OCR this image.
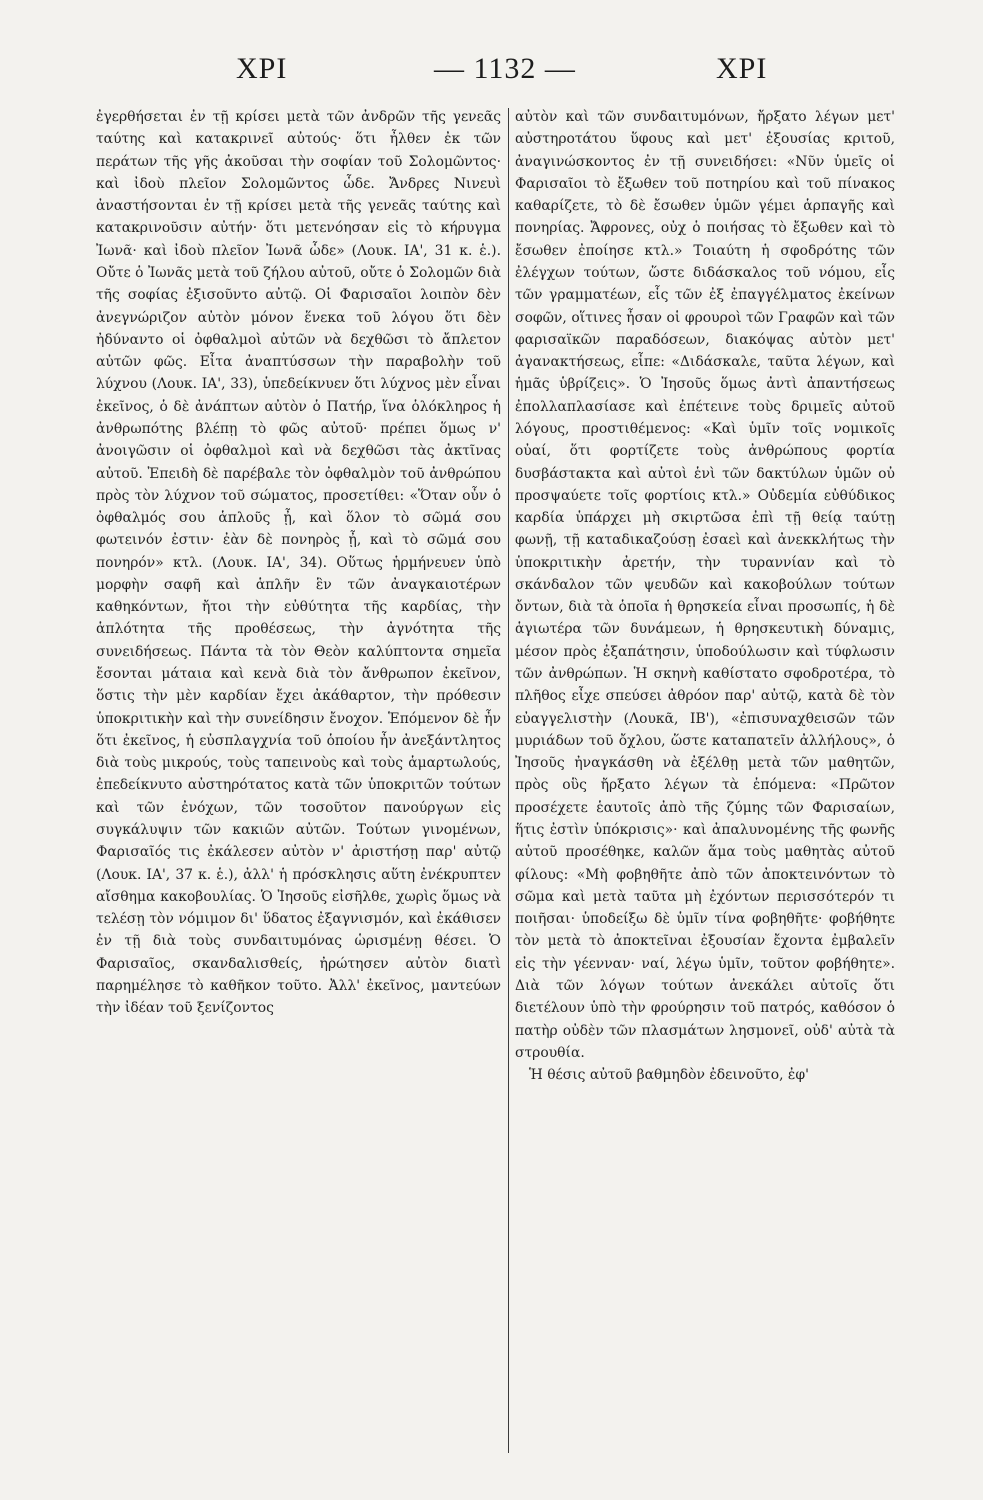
ΧΡΙ	— 1132 —	ΧΡΙ

ἐγερθήσεται ἐν τῇ κρίσει μετὰ τῶν ἀνδρῶν τῆς γενεᾶς ταύτης καὶ κατακρινεῖ αὐτούς· ὅτι ἦλθεν ἐκ τῶν περάτων τῆς γῆς ἀκοῦσαι τὴν σοφίαν τοῦ Σολομῶντος· καὶ ἰδοὺ πλεῖον Σολομῶντος ὧδε. Ἄνδρες Νινευὶ ἀναστήσονται ἐν τῇ κρίσει μετὰ τῆς γενεᾶς ταύτης καὶ κατακρινοῦσιν αὐτήν· ὅτι μετενόησαν εἰς τὸ κήρυγμα Ἰωνᾶ· καὶ ἰδοὺ πλεῖον Ἰωνᾶ ὧδε» (Λουκ. ΙΑ', 31 κ. ἑ.). Οὔτε ὁ Ἰωνᾶς μετὰ τοῦ ζήλου αὐτοῦ, οὔτε ὁ Σολομῶν διὰ τῆς σοφίας ἐξισοῦντο αὐτῷ. Οἱ Φαρισαῖοι λοιπὸν δὲν ἀνεγνώριζον αὐτὸν μόνον ἕνεκα τοῦ λόγου ὅτι δὲν ἠδύναντο οἱ ὀφθαλμοὶ αὐτῶν νὰ δεχθῶσι τὸ ἄπλετον αὐτῶν φῶς. Εἶτα ἀναπτύσσων τὴν παραβολὴν τοῦ λύχνου (Λουκ. ΙΑ', 33), ὑπεδείκνυεν ὅτι λύχνος μὲν εἶναι ἐκεῖνος, ὁ δὲ ἀνάπτων αὐτὸν ὁ Πατήρ, ἵνα ὁλόκληρος ἡ ἀνθρωπότης βλέπῃ τὸ φῶς αὐτοῦ· πρέπει ὅμως ν' ἀνοιγῶσιν οἱ ὀφθαλμοὶ καὶ νὰ δεχθῶσι τὰς ἀκτῖνας αὐτοῦ. Ἐπειδὴ δὲ παρέβαλε τὸν ὀφθαλμὸν τοῦ ἀνθρώπου πρὸς τὸν λύχνον τοῦ σώματος, προσετίθει: «Ὅταν οὖν ὁ ὀφθαλμός σου ἁπλοῦς ᾖ, καὶ ὅλον τὸ σῶμά σου φωτεινόν ἐστιν· ἐὰν δὲ πονηρὸς ᾖ, καὶ τὸ σῶμά σου πονηρόν» κτλ. (Λουκ. ΙΑ', 34). Οὕτως ἡρμήνευεν ὑπὸ μορφὴν σαφῆ καὶ ἁπλῆν ἓν τῶν ἀναγκαιοτέρων καθηκόντων, ἤτοι τὴν εὐθύτητα τῆς καρδίας, τὴν ἁπλότητα τῆς προθέσεως, τὴν ἀγνότητα τῆς συνειδήσεως. Πάντα τὰ τὸν Θεὸν καλύπτοντα σημεῖα ἔσονται μάταια καὶ κενὰ διὰ τὸν ἄνθρωπον ἐκεῖνον, ὅστις τὴν μὲν καρδίαν ἔχει ἀκάθαρτον, τὴν πρόθεσιν ὑποκριτικὴν καὶ τὴν συνείδησιν ἔνοχον. Ἑπόμενον δὲ ἦν ὅτι ἐκεῖνος, ἡ εὐσπλαγχνία τοῦ ὁποίου ἦν ἀνεξάντλητος διὰ τοὺς μικρούς, τοὺς ταπεινοὺς καὶ τοὺς ἁμαρτωλούς, ἐπεδείκνυτο αὐστηρότατος κατὰ τῶν ὑποκριτῶν τούτων καὶ τῶν ἐνόχων, τῶν τοσοῦτον πανούργων εἰς συγκάλυψιν τῶν κακιῶν αὐτῶν. Τούτων γινομένων, Φαρισαῖός τις ἐκάλεσεν αὐτὸν ν' ἀριστήσῃ παρ' αὐτῷ (Λουκ. ΙΑ', 37 κ. ἑ.), ἀλλ' ἡ πρόσκλησις αὕτη ἐνέκρυπτεν αἴσθημα κακοβουλίας. Ὁ Ἰησοῦς εἰσῆλθε, χωρὶς ὅμως νὰ τελέσῃ τὸν νόμιμον δι' ὕδατος ἐξαγνισμόν, καὶ ἐκάθισεν ἐν τῇ διὰ τοὺς συνδαιτυμόνας ὡρισμένῃ θέσει. Ὁ Φαρισαῖος, σκανδαλισθείς, ἠρώτησεν αὐτὸν διατὶ παρημέλησε τὸ καθῆκον τοῦτο. Ἀλλ' ἐκεῖνος, μαντεύων τὴν ἰδέαν τοῦ ξενίζοντος

αὐτὸν καὶ τῶν συνδαιτυμόνων, ἤρξατο λέγων μετ' αὐστηροτάτου ὕφους καὶ μετ' ἐξουσίας κριτοῦ, ἀναγινώσκοντος ἐν τῇ συνειδήσει: «Νῦν ὑμεῖς οἱ Φαρισαῖοι τὸ ἔξωθεν τοῦ ποτηρίου καὶ τοῦ πίνακος καθαρίζετε, τὸ δὲ ἔσωθεν ὑμῶν γέμει ἁρπαγῆς καὶ πονηρίας. Ἄφρονες, οὐχ ὁ ποιήσας τὸ ἔξωθεν καὶ τὸ ἔσωθεν ἐποίησε κτλ.» Τοιαύτη ἡ σφοδρότης τῶν ἐλέγχων τούτων, ὥστε διδάσκαλος τοῦ νόμου, εἷς τῶν γραμματέων, εἷς τῶν ἐξ ἐπαγγέλματος ἐκείνων σοφῶν, οἵτινες ἦσαν οἱ φρουροὶ τῶν Γραφῶν καὶ τῶν φαρισαϊκῶν παραδόσεων, διακόψας αὐτὸν μετ' ἀγανακτήσεως, εἶπε: «Διδάσκαλε, ταῦτα λέγων, καὶ ἡμᾶς ὑβρίζεις». Ὁ Ἰησοῦς ὅμως ἀντὶ ἀπαντήσεως ἐπολλαπλασίασε καὶ ἐπέτεινε τοὺς δριμεῖς αὐτοῦ λόγους, προστιθέμενος: «Καὶ ὑμῖν τοῖς νομικοῖς οὐαί, ὅτι φορτίζετε τοὺς ἀνθρώπους φορτία δυσβάστακτα καὶ αὐτοὶ ἑνὶ τῶν δακτύλων ὑμῶν οὐ προσψαύετε τοῖς φορτίοις κτλ.» Οὐδεμία εὐθύδικος καρδία ὑπάρχει μὴ σκιρτῶσα ἐπὶ τῇ θείᾳ ταύτῃ φωνῇ, τῇ καταδικαζούσῃ ἐσαεὶ καὶ ἀνεκκλήτως τὴν ὑποκριτικὴν ἀρετήν, τὴν τυραννίαν καὶ τὸ σκάνδαλον τῶν ψευδῶν καὶ κακοβούλων τούτων ὄντων, διὰ τὰ ὁποῖα ἡ θρησκεία εἶναι προσωπίς, ἡ δὲ ἁγιωτέρα τῶν δυνάμεων, ἡ θρησκευτικὴ δύναμις, μέσον πρὸς ἐξαπάτησιν, ὑποδούλωσιν καὶ τύφλωσιν τῶν ἀνθρώπων. Ἡ σκηνὴ καθίστατο σφοδροτέρα, τὸ πλῆθος εἶχε σπεύσει ἀθρόον παρ' αὐτῷ, κατὰ δὲ τὸν εὐαγγελιστὴν (Λουκᾶ, ΙΒ'), «ἐπισυναχθεισῶν τῶν μυριάδων τοῦ ὄχλου, ὥστε καταπατεῖν ἀλλήλους», ὁ Ἰησοῦς ἠναγκάσθη νὰ ἐξέλθῃ μετὰ τῶν μαθητῶν, πρὸς οὓς ἤρξατο λέγων τὰ ἑπόμενα: «Πρῶτον προσέχετε ἑαυτοῖς ἀπὸ τῆς ζύμης τῶν Φαρισαίων, ἥτις ἐστὶν ὑπόκρισις»· καὶ ἀπαλυνομένης τῆς φωνῆς αὐτοῦ προσέθηκε, καλῶν ἅμα τοὺς μαθητὰς αὐτοῦ φίλους: «Μὴ φοβηθῆτε ἀπὸ τῶν ἀποκτεινόντων τὸ σῶμα καὶ μετὰ ταῦτα μὴ ἐχόντων περισσότερόν τι ποιῆσαι· ὑποδείξω δὲ ὑμῖν τίνα φοβηθῆτε· φοβήθητε τὸν μετὰ τὸ ἀποκτεῖναι ἐξουσίαν ἔχοντα ἐμβαλεῖν εἰς τὴν γέενναν· ναί, λέγω ὑμῖν, τοῦτον φοβήθητε». Διὰ τῶν λόγων τούτων ἀνεκάλει αὐτοῖς ὅτι διετέλουν ὑπὸ τὴν φρούρησιν τοῦ πατρός, καθόσον ὁ πατὴρ οὐδὲν τῶν πλασμάτων λησμονεῖ, οὐδ' αὐτὰ τὰ στρουθία.

Ἡ θέσις αὐτοῦ βαθμηδὸν ἐδεινοῦτο, ἐφ'
